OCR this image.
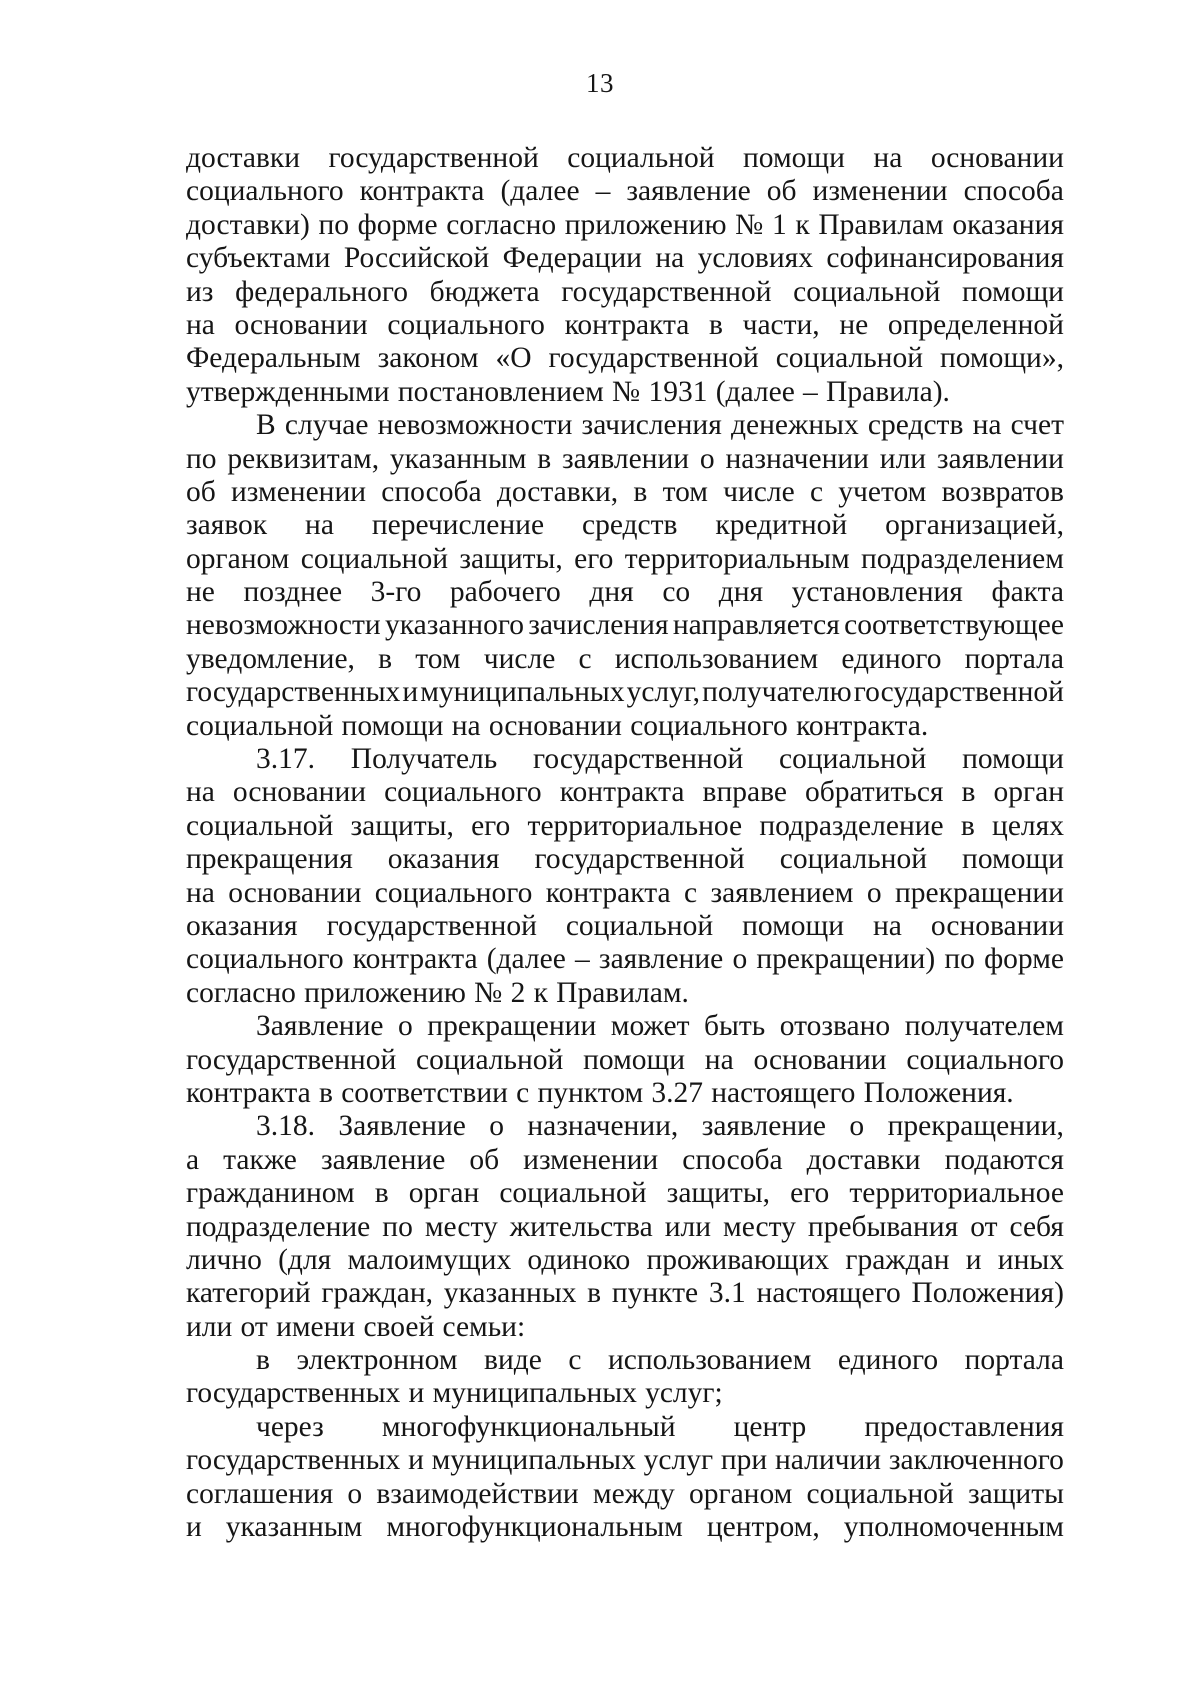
13
доставки государственной социальной помощи на основании
социального контракта (далее – заявление об изменении способа
доставки) по форме согласно приложению № 1 к Правилам оказания
субъектами Российской Федерации на условиях софинансирования
из федерального бюджета государственной социальной помощи
на основании социального контракта в части, не определенной
Федеральным законом «О государственной социальной помощи»,
утвержденными постановлением № 1931 (далее – Правила).
В случае невозможности зачисления денежных средств на счет
по реквизитам, указанным в заявлении о назначении или заявлении
об изменении способа доставки, в том числе с учетом возвратов
заявок на перечисление средств кредитной организацией,
органом социальной защиты, его территориальным подразделением
не позднее 3-го рабочего дня со дня установления факта
невозможности указанного зачисления направляется соответствующее
уведомление, в том числе с использованием единого портала
государственных и муниципальных услуг, получателю государственной
социальной помощи на основании социального контракта.
3.17. Получатель государственной социальной помощи
на основании социального контракта вправе обратиться в орган
социальной защиты, его территориальное подразделение в целях
прекращения оказания государственной социальной помощи
на основании социального контракта с заявлением о прекращении
оказания государственной социальной помощи на основании
социального контракта (далее – заявление о прекращении) по форме
согласно приложению № 2 к Правилам.
Заявление о прекращении может быть отозвано получателем
государственной социальной помощи на основании социального
контракта в соответствии с пунктом 3.27 настоящего Положения.
3.18. Заявление о назначении, заявление о прекращении,
а также заявление об изменении способа доставки подаются
гражданином в орган социальной защиты, его территориальное
подразделение по месту жительства или месту пребывания от себя
лично (для малоимущих одиноко проживающих граждан и иных
категорий граждан, указанных в пункте 3.1 настоящего Положения)
или от имени своей семьи:
в электронном виде с использованием единого портала
государственных и муниципальных услуг;
через многофункциональный центр предоставления
государственных и муниципальных услуг при наличии заключенного
соглашения о взаимодействии между органом социальной защиты
и указанным многофункциональным центром, уполномоченным
